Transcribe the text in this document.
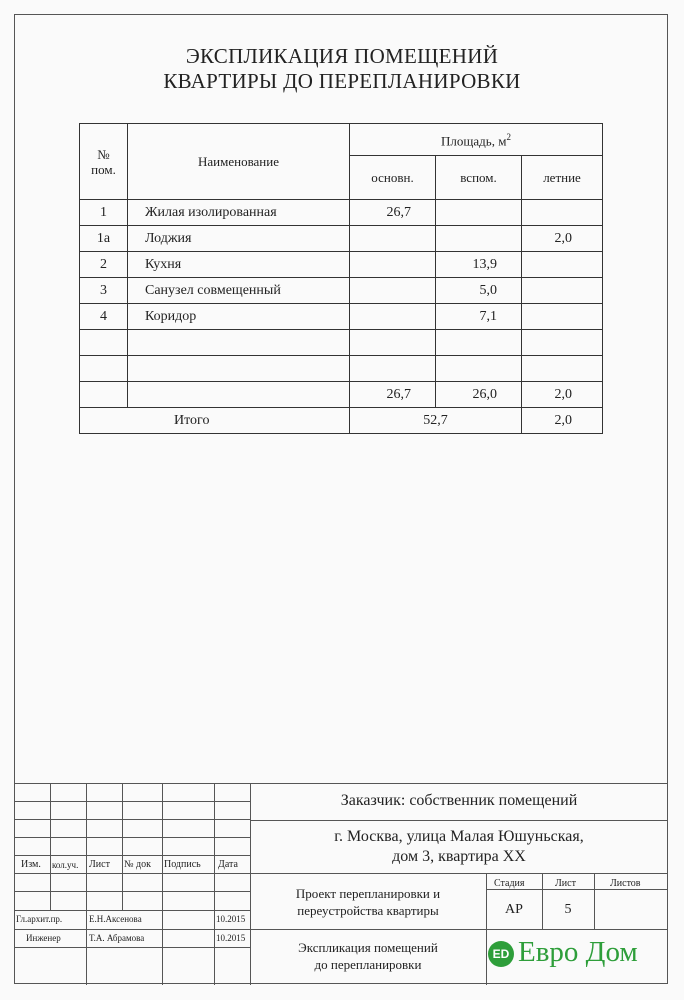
ЭКСПЛИКАЦИЯ ПОМЕЩЕНИЙ
КВАРТИРЫ ДО ПЕРЕПЛАНИРОВКИ
№
пом.	Наименование	Площадь, $м^2$
		основн.	вспом.	летние
1	Жилая изолированная	26,7		
1а	Лоджия			2,0
2	Кухня		13,9	
3	Санузел совмещенный		5,0	
4	Коридор		7,1	

		26,7	26,0	2,0
Итого		52,7		2,0
Изм. кол.уч. Лист № док Подпись Дата
Гл.архит.пр.	Е.Н.Аксенова	10.2015
Инженер	Т.А. Абрамова	10.2015
Заказчик: собственник помещений
г. Москва, улица Малая Юшуньская,
дом 3, квартира ХХ
Проект перепланировки и
переустройства квартиры
Стадия	Лист	Листов
АР	5
Экспликация помещений
до перепланировки
ED Евро Дом
